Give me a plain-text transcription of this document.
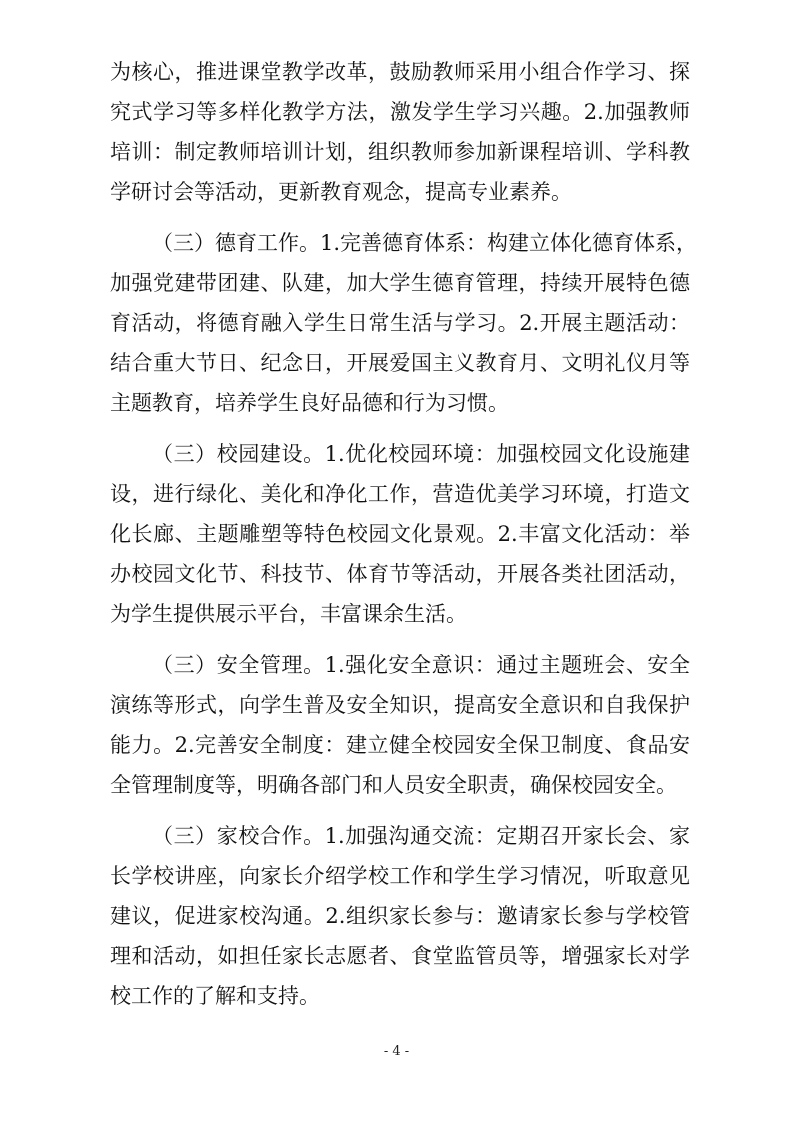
为核心，推进课堂教学改革，鼓励教师采用小组合作学习、探
究式学习等多样化教学方法，激发学生学习兴趣。2.加强教师
培训：制定教师培训计划，组织教师参加新课程培训、学科教
学研讨会等活动，更新教育观念，提高专业素养。
（三）德育工作。1.完善德育体系：构建立体化德育体系，
加强党建带团建、队建，加大学生德育管理，持续开展特色德
育活动，将德育融入学生日常生活与学习。2.开展主题活动：
结合重大节日、纪念日，开展爱国主义教育月、文明礼仪月等
主题教育，培养学生良好品德和行为习惯。
（三）校园建设。1.优化校园环境：加强校园文化设施建
设，进行绿化、美化和净化工作，营造优美学习环境，打造文
化长廊、主题雕塑等特色校园文化景观。2.丰富文化活动：举
办校园文化节、科技节、体育节等活动，开展各类社团活动，
为学生提供展示平台，丰富课余生活。
（三）安全管理。1.强化安全意识：通过主题班会、安全
演练等形式，向学生普及安全知识，提高安全意识和自我保护
能力。2.完善安全制度：建立健全校园安全保卫制度、食品安
全管理制度等，明确各部门和人员安全职责，确保校园安全。
（三）家校合作。1.加强沟通交流：定期召开家长会、家
长学校讲座，向家长介绍学校工作和学生学习情况，听取意见
建议，促进家校沟通。2.组织家长参与：邀请家长参与学校管
理和活动，如担任家长志愿者、食堂监管员等，增强家长对学
校工作的了解和支持。
- 4 -
